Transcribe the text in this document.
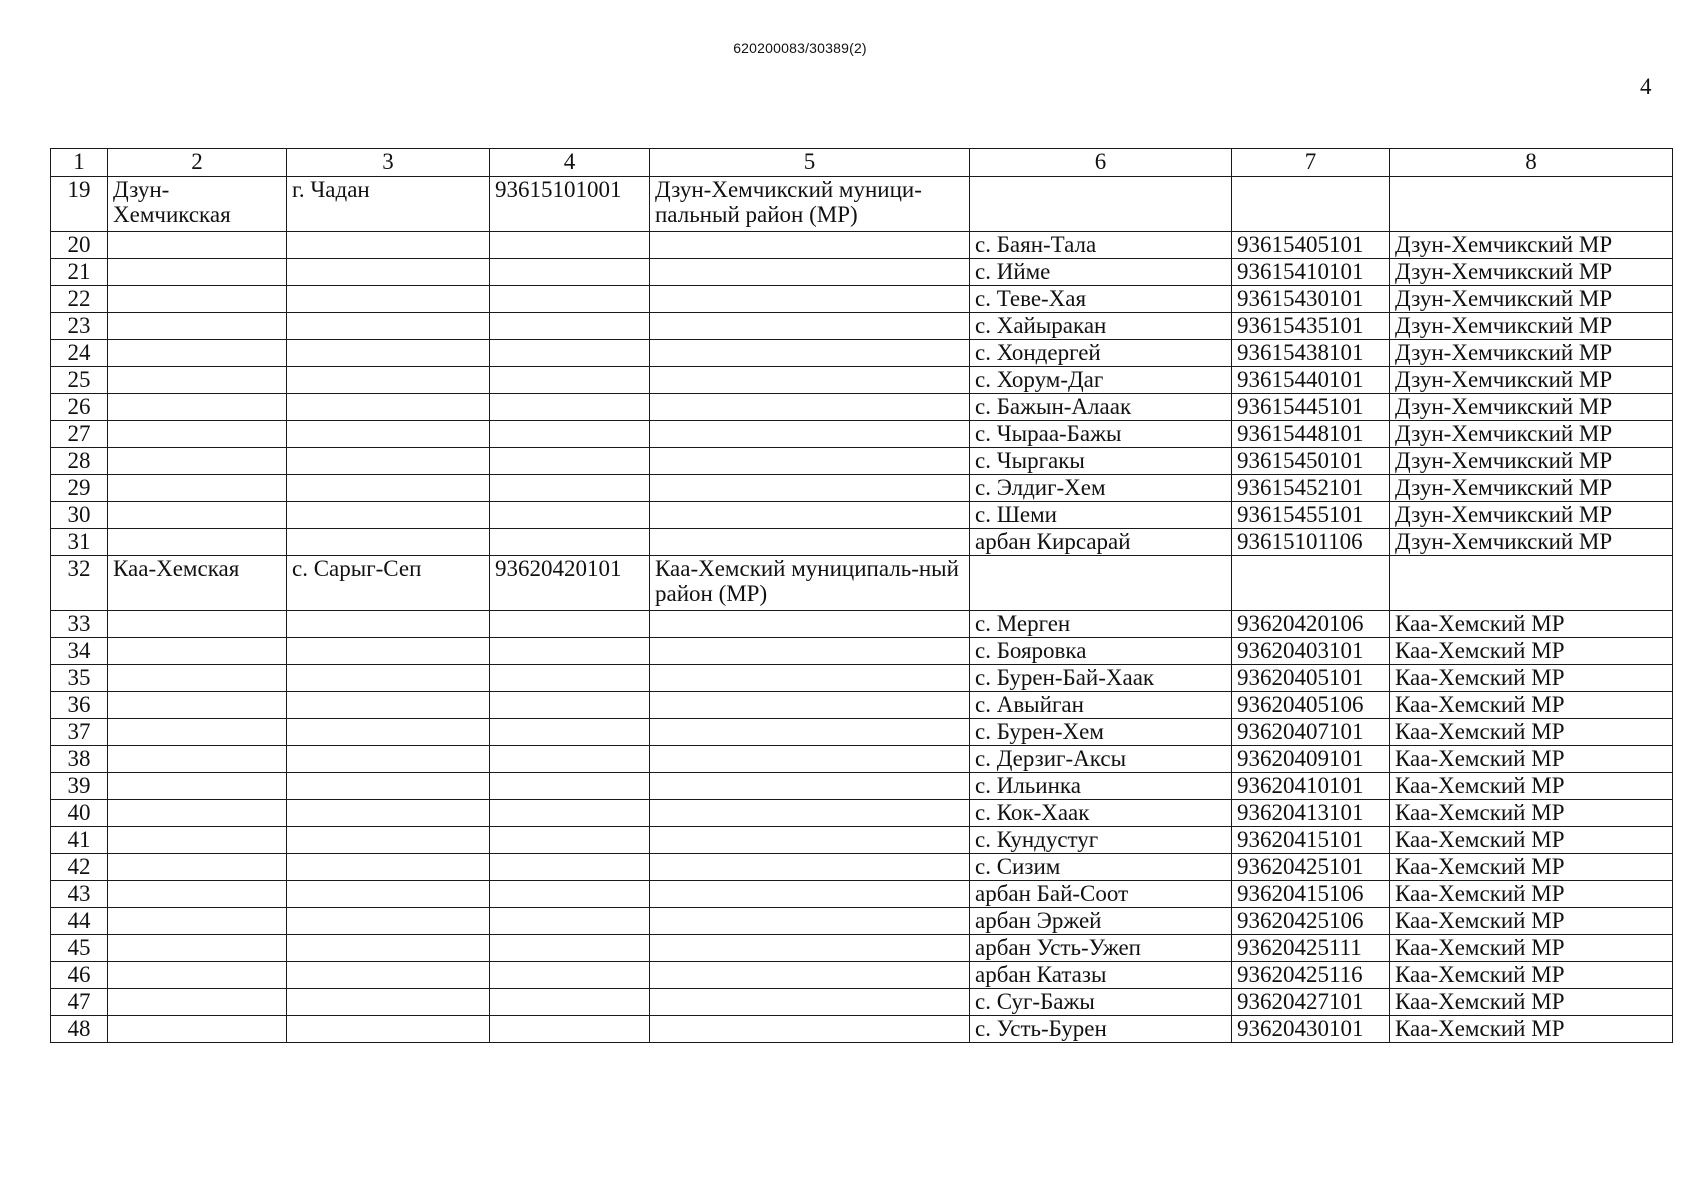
620200083/30389(2)
4
1	2	3	4	5	6	7	8
19	Дзун-Хемчикская	г. Чадан	93615101001	Дзун-Хемчикский муници-пальный район (МР)			
20					с. Баян-Тала	93615405101	Дзун-Хемчикский МР
21					с. Ийме	93615410101	Дзун-Хемчикский МР
22					с. Теве-Хая	93615430101	Дзун-Хемчикский МР
23					с. Хайыракан	93615435101	Дзун-Хемчикский МР
24					с. Хондергей	93615438101	Дзун-Хемчикский МР
25					с. Хорум-Даг	93615440101	Дзун-Хемчикский МР
26					с. Бажын-Алаак	93615445101	Дзун-Хемчикский МР
27					с. Чыраа-Бажы	93615448101	Дзун-Хемчикский МР
28					с. Чыргакы	93615450101	Дзун-Хемчикский МР
29					с. Элдиг-Хем	93615452101	Дзун-Хемчикский МР
30					с. Шеми	93615455101	Дзун-Хемчикский МР
31					арбан Кирсарай	93615101106	Дзун-Хемчикский МР
32	Каа-Хемская	с. Сарыг-Сеп	93620420101	Каа-Хемский муниципаль-ный район (МР)			
33					с. Мерген	93620420106	Каа-Хемский МР
34					с. Бояровка	93620403101	Каа-Хемский МР
35					с. Бурен-Бай-Хаак	93620405101	Каа-Хемский МР
36					с. Авыйган	93620405106	Каа-Хемский МР
37					с. Бурен-Хем	93620407101	Каа-Хемский МР
38					с. Дерзиг-Аксы	93620409101	Каа-Хемский МР
39					с. Ильинка	93620410101	Каа-Хемский МР
40					с. Кок-Хаак	93620413101	Каа-Хемский МР
41					с. Кундустуг	93620415101	Каа-Хемский МР
42					с. Сизим	93620425101	Каа-Хемский МР
43					арбан Бай-Соот	93620415106	Каа-Хемский МР
44					арбан Эржей	93620425106	Каа-Хемский МР
45					арбан Усть-Ужеп	93620425111	Каа-Хемский МР
46					арбан Катазы	93620425116	Каа-Хемский МР
47					с. Суг-Бажы	93620427101	Каа-Хемский МР
48					с. Усть-Бурен	93620430101	Каа-Хемский МР
